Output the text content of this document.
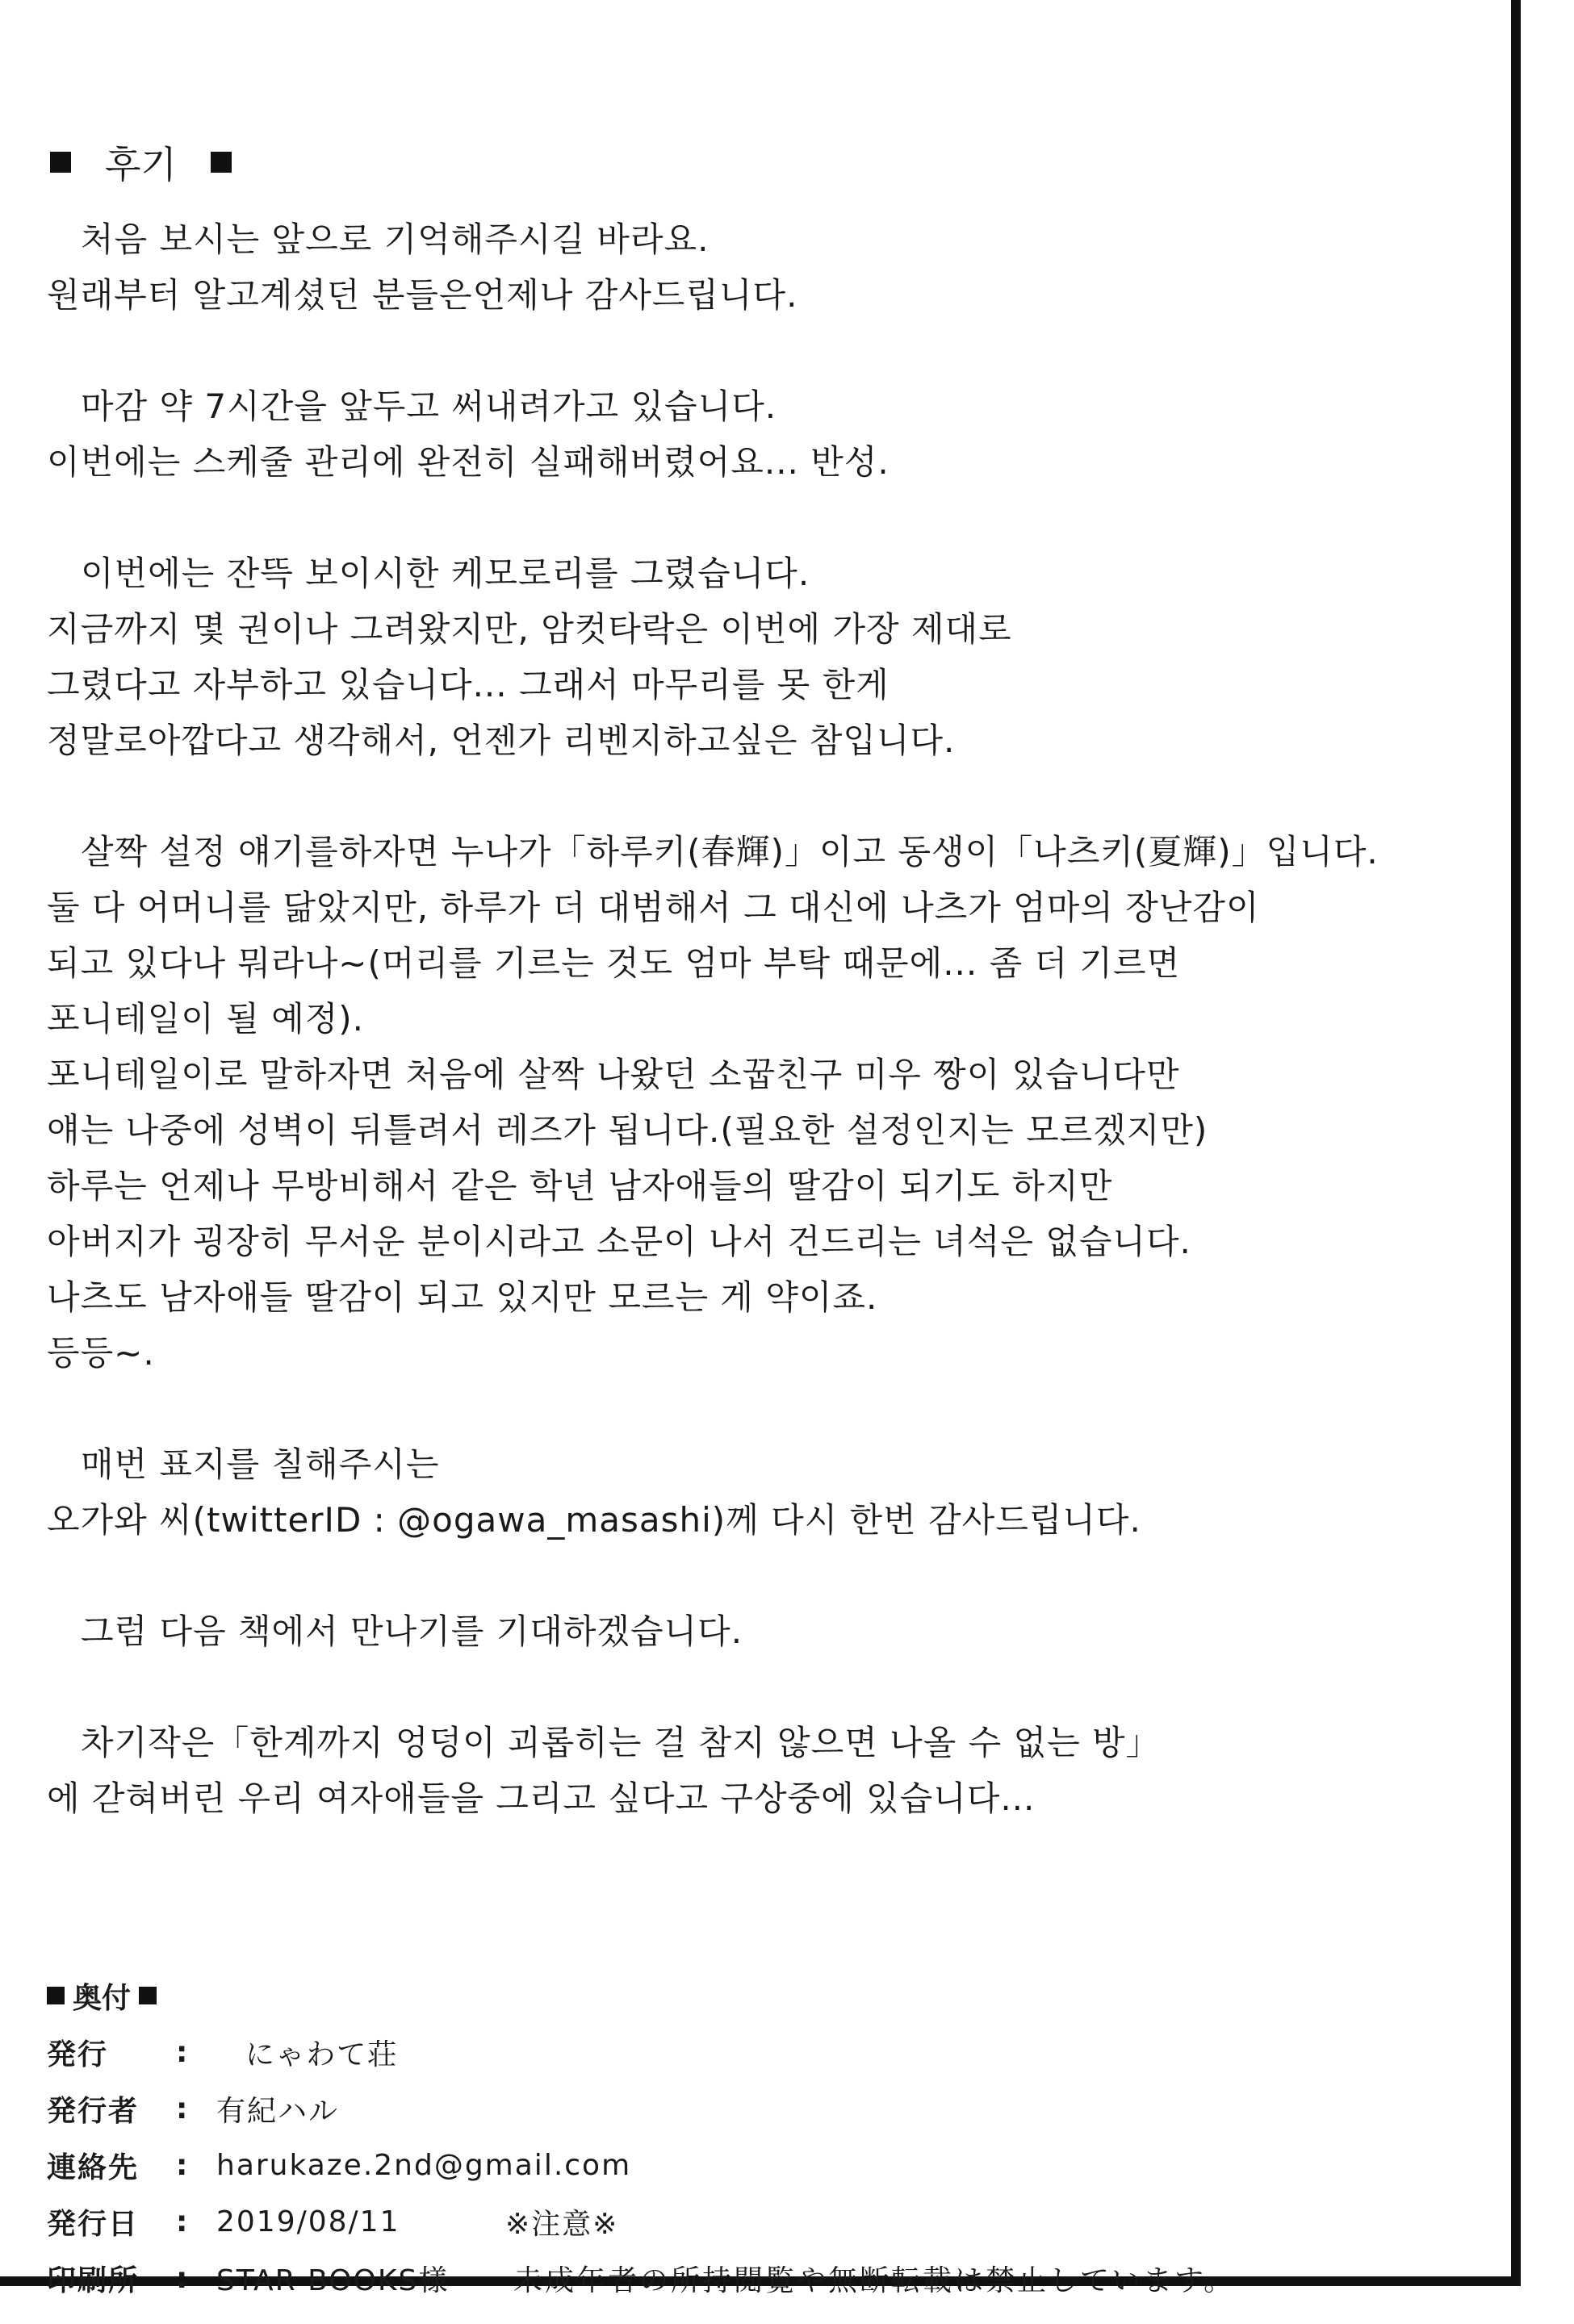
후기
처음 보시는 앞으로 기억해주시길 바라요.
원래부터 알고계셨던 분들은언제나 감사드립니다.
마감 약 7시간을 앞두고 써내려가고 있습니다.
이번에는 스케줄 관리에 완전히 실패해버렸어요... 반성.
이번에는 잔뜩 보이시한 케모로리를 그렸습니다.
지금까지 몇 권이나 그려왔지만, 암컷타락은 이번에 가장 제대로
그렸다고 자부하고 있습니다... 그래서 마무리를 못 한게
정말로아깝다고 생각해서, 언젠가 리벤지하고싶은 참입니다.
살짝 설정 얘기를하자면 누나가「하루키(春輝)」이고 동생이「나츠키(夏輝)」입니다.
둘 다 어머니를 닮았지만, 하루가 더 대범해서 그 대신에 나츠가 엄마의 장난감이
되고 있다나 뭐라나~(머리를 기르는 것도 엄마 부탁 때문에... 좀 더 기르면
포니테일이 될 예정).
포니테일이로 말하자면 처음에 살짝 나왔던 소꿉친구 미우 짱이 있습니다만
얘는 나중에 성벽이 뒤틀려서 레즈가 됩니다.(필요한 설정인지는 모르겠지만)
하루는 언제나 무방비해서 같은 학년 남자애들의 딸감이 되기도 하지만
아버지가 굉장히 무서운 분이시라고 소문이 나서 건드리는 녀석은 없습니다.
나츠도 남자애들 딸감이 되고 있지만 모르는 게 약이죠.
등등~.
매번 표지를 칠해주시는
오가와 씨(twitterID : @ogawa_masashi)께 다시 한번 감사드립니다.
그럼 다음 책에서 만나기를 기대하겠습니다.
차기작은「한계까지 엉덩이 괴롭히는 걸 참지 않으면 나올 수 없는 방」
에 갇혀버린 우리 여자애들을 그리고 싶다고 구상중에 있습니다...
奥付
発行	:	にゃわて荘
発行者	: 有紀ハル
連絡先	: harukaze.2nd@gmail.com
発行日	: 2019/08/11	※注意※
印刷所	: STAR BOOKS様 未成年者の所持閲覧や無断転載は禁止しています。
